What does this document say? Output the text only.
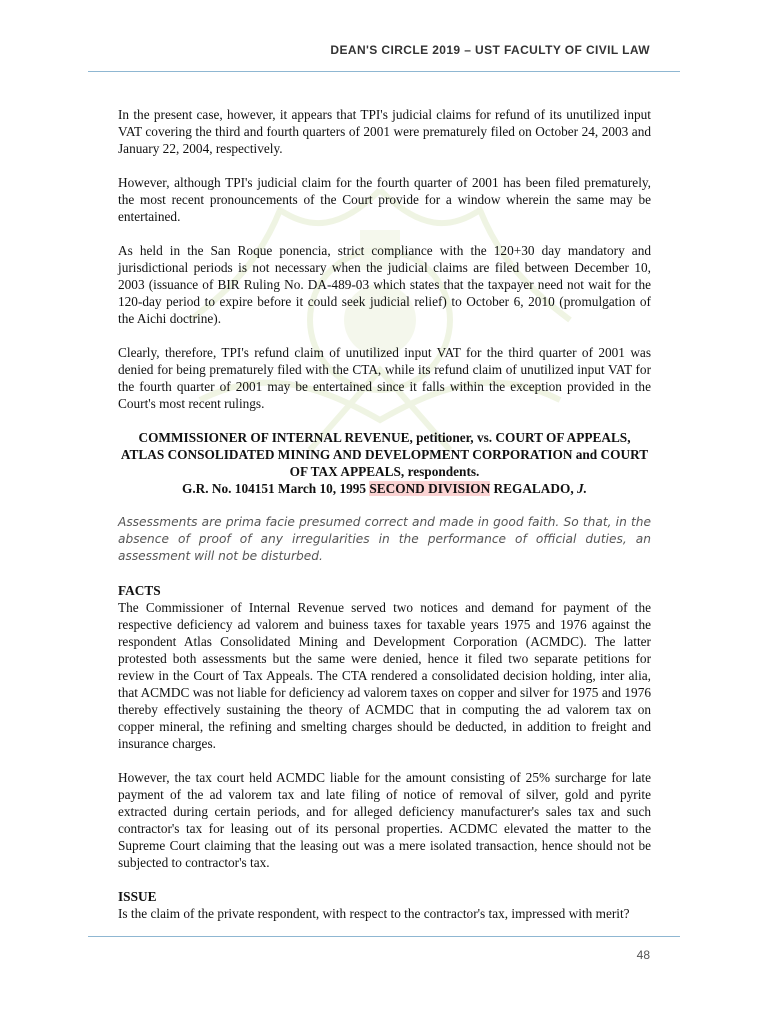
DEAN'S CIRCLE 2019 – UST FACULTY OF CIVIL LAW

In the present case, however, it appears that TPI's judicial claims for refund of its unutilized input VAT covering the third and fourth quarters of 2001 were prematurely filed on October 24, 2003 and January 22, 2004, respectively.

However, although TPI's judicial claim for the fourth quarter of 2001 has been filed prematurely, the most recent pronouncements of the Court provide for a window wherein the same may be entertained.

As held in the San Roque ponencia, strict compliance with the 120+30 day mandatory and jurisdictional periods is not necessary when the judicial claims are filed between December 10, 2003 (issuance of BIR Ruling No. DA-489-03 which states that the taxpayer need not wait for the 120-day period to expire before it could seek judicial relief) to October 6, 2010 (promulgation of the Aichi doctrine).

Clearly, therefore, TPI's refund claim of unutilized input VAT for the third quarter of 2001 was denied for being prematurely filed with the CTA, while its refund claim of unutilized input VAT for the fourth quarter of 2001 may be entertained since it falls within the exception provided in the Court's most recent rulings.

COMMISSIONER OF INTERNAL REVENUE, petitioner, vs. COURT OF APPEALS, ATLAS CONSOLIDATED MINING AND DEVELOPMENT CORPORATION and COURT OF TAX APPEALS, respondents.
G.R. No. 104151 March 10, 1995 SECOND DIVISION REGALADO, J.

Assessments are prima facie presumed correct and made in good faith. So that, in the absence of proof of any irregularities in the performance of official duties, an assessment will not be disturbed.

FACTS

The Commissioner of Internal Revenue served two notices and demand for payment of the respective deficiency ad valorem and buiness taxes for taxable years 1975 and 1976 against the respondent Atlas Consolidated Mining and Development Corporation (ACMDC). The latter protested both assessments but the same were denied, hence it filed two separate petitions for review in the Court of Tax Appeals. The CTA rendered a consolidated decision holding, inter alia, that ACMDC was not liable for deficiency ad valorem taxes on copper and silver for 1975 and 1976 thereby effectively sustaining the theory of ACMDC that in computing the ad valorem tax on copper mineral, the refining and smelting charges should be deducted, in addition to freight and insurance charges.

However, the tax court held ACMDC liable for the amount consisting of 25% surcharge for late payment of the ad valorem tax and late filing of notice of removal of silver, gold and pyrite extracted during certain periods, and for alleged deficiency manufacturer's sales tax and such contractor's tax for leasing out of its personal properties. ACDMC elevated the matter to the Supreme Court claiming that the leasing out was a mere isolated transaction, hence should not be subjected to contractor's tax.

ISSUE

Is the claim of the private respondent, with respect to the contractor's tax, impressed with merit?

48
